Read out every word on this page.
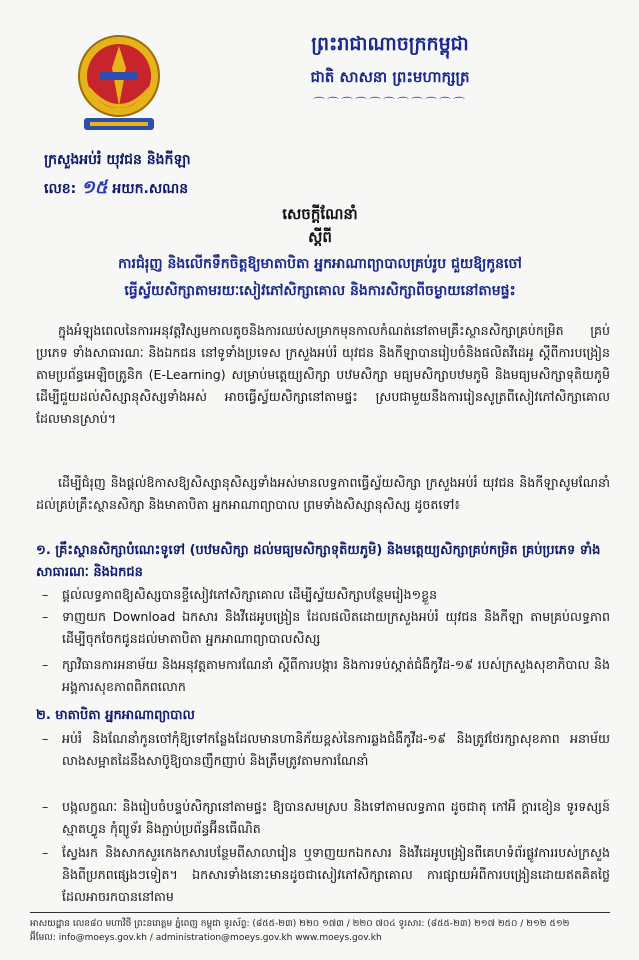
ព្រះរាជាណាចក្រកម្ពុជា
ជាតិ សាសនា ព្រះមហាក្សត្រ
⌒⌒⌒⌒⌒⌒⌒⌒⌒⌒⌒
ក្រសួងអប់រំ យុវជន និងកីឡា
លេខ: ១៥ អយក.សណន
សេចក្តីណែនាំ
ស្តីពី
ការជំរុញ និងលើកទឹកចិត្តឱ្យមាតាបិតា អ្នកអាណាព្យាបាលគ្រប់រូប ជួយឱ្យកូនចៅ
ធ្វើស្វ័យសិក្សាតាមរយៈសៀវភៅសិក្សាគោល និងការសិក្សាពីចម្ងាយនៅតាមផ្ទះ
ក្នុងអំឡុងពេលនៃការអនុវត្តវិស្សមកាលតូចនិងការឈប់សម្រាកមុនកាលកំណត់នៅតាមគ្រឹះស្ថានសិក្សាគ្រប់កម្រិត គ្រប់ប្រភេទ ទាំងសាធារណៈ និងឯកជន នៅទូទាំងប្រទេស ក្រសួងអប់រំ យុវជន និងកីឡាបានរៀបចំនិងផលិតវីដេអូ ស្តីពីការបង្រៀនតាមប្រព័ន្ធអេឡិចត្រូនិក (E-Learning) សម្រាប់មត្តេយ្យសិក្សា បឋមសិក្សា មធ្យមសិក្សាបឋមភូមិ និងមធ្យមសិក្សាទុតិយភូមិ ដើម្បីជួយដល់សិស្សានុសិស្សទាំងអស់ អាចធ្វើស្វ័យសិក្សានៅតាមផ្ទះ ស្របជាមួយនឹងការរៀនសូត្រពីសៀវភៅសិក្សាគោល ដែលមានស្រាប់។
ដើម្បីជំរុញ និងផ្តល់ឱកាសឱ្យសិស្សានុសិស្សទាំងអស់មានលទ្ធភាពធ្វើស្វ័យសិក្សា ក្រសួងអប់រំ យុវជន និងកីឡាសូមណែនាំដល់គ្រប់គ្រឹះស្ថានសិក្សា និងមាតាបិតា អ្នកអាណាព្យាបាល ព្រមទាំងសិស្សានុសិស្ស ដូចតទៅ៖
១. គ្រឹះស្ថានសិក្សាបំណេះទូទៅ (បឋមសិក្សា ដល់មធ្យមសិក្សាទុតិយភូមិ) និងមត្តេយ្យសិក្សាគ្រប់កម្រិត គ្រប់ប្រភេទ ទាំងសាធារណៈ និងឯកជន
– ផ្តល់លទ្ធភាពឱ្យសិស្សបានខ្ចីសៀវភៅសិក្សាគោល ដើម្បីស្វ័យសិក្សាបន្ថែមរៀង១ខ្លួន
– ទាញយក Download ឯកសារ និងវីដេអូបង្រៀន ដែលផលិតដោយក្រសួងអប់រំ យុវជន និងកីឡា តាមគ្រប់លទ្ធភាព ដើម្បីចុកចែកជូនដល់មាតាបិតា អ្នកអាណាព្យាបាលសិស្ស
– ក្សាវិធានការអនាម័យ និងអនុវត្តតាមការណែនាំ ស្តីពីការបង្ការ និងការទប់ស្កាត់ជំងឺកូវីដ-១៩ របស់ក្រសួងសុខាភិបាល និងអង្គការសុខភាពពិភពលោក
២. មាតាបិតា អ្នកអាណាព្យាបាល
– អប់រំ និងណែនាំកូនចៅកុំឱ្យទៅកន្លែងដែលមានហានិភ័យខ្ពស់នៃការឆ្លងជំងឺកូវីដ-១៩ និងត្រូវថែរក្សាសុខភាព អនាម័យ លាងសម្អាតដៃនឹងសាប៊ូឱ្យបានញឹកញាប់ និងត្រឹមត្រូវតាមការណែនាំ
– បង្កលក្ខណៈ និងរៀបចំបន្ទប់សិក្សានៅតាមផ្ទះ ឱ្យបានសមស្រប និងទៅតាមលទ្ធភាព ដូចជាតុ កៅអី ក្តារខៀន ទូរទស្សន៍ ស្មាតហ្វូន កុំព្យូទ័រ និងភ្ជាប់ប្រព័ន្ធអ៊ីនធើណិត
– ស្វែងរក និងសាកសួរកេងកសារបន្ថែមពីសាលារៀន ឬទាញយកឯកសារ និងវីដេអូបង្រៀនពីគេហទំព័រផ្លូវការរបស់ក្រសួង និងពីប្រភពផ្សេងៗទៀត។ ឯកសារទាំងនោះមានដូចជាសៀវភៅសិក្សាគោល ការផ្សាយអំពីការបង្រៀនដោយឥតគិតថ្លៃ ដែលអាចរកបាននៅតាម
អាសយដ្ឋាន លេខ៨០ មហាវិថី ព្រះនរោត្តម ភ្នំពេញ កម្ពុជា ទូរស័ព្ទ: (៨៥៥-២៣) ២២០ ១៧៣ / ២២០ ៧០៤ ទូរសារ: (៨៥៥-២៣) ២១៧ ២៥០ / ២១២ ៥១២
អ៊ីមែល: info@moeys.gov.kh / administration@moeys.gov.kh www.moeys.gov.kh
